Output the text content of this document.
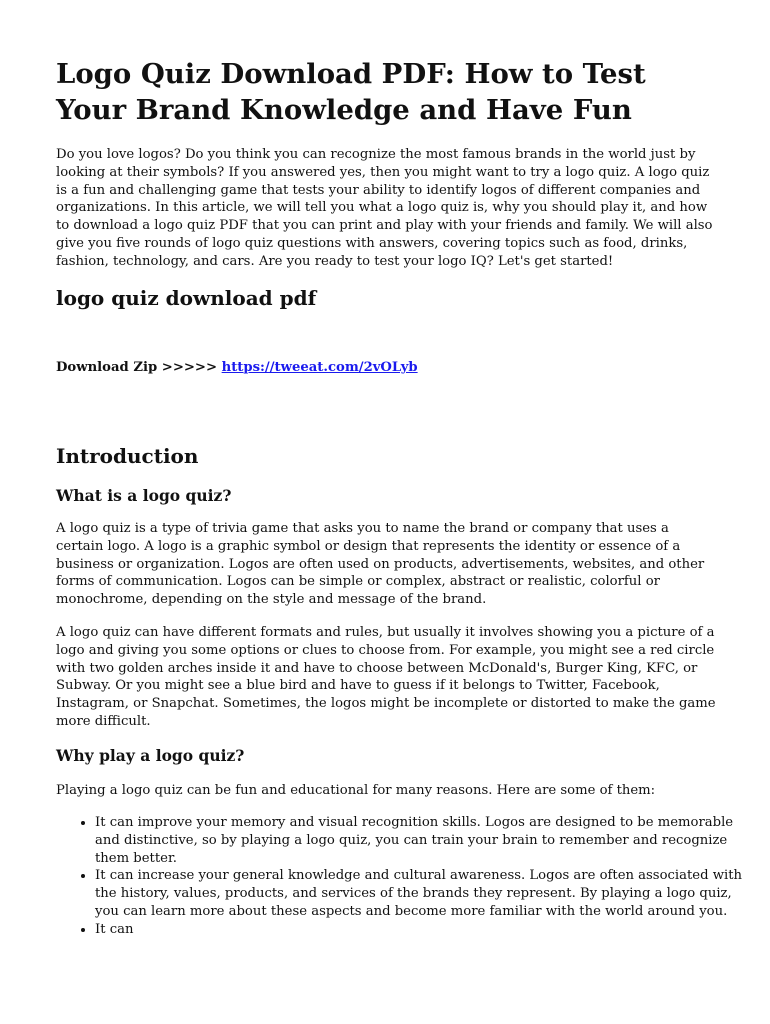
Logo Quiz Download PDF: How to Test Your Brand Knowledge and Have Fun

Do you love logos? Do you think you can recognize the most famous brands in the world just by looking at their symbols? If you answered yes, then you might want to try a logo quiz. A logo quiz is a fun and challenging game that tests your ability to identify logos of different companies and organizations. In this article, we will tell you what a logo quiz is, why you should play it, and how to download a logo quiz PDF that you can print and play with your friends and family. We will also give you five rounds of logo quiz questions with answers, covering topics such as food, drinks, fashion, technology, and cars. Are you ready to test your logo IQ? Let's get started!

logo quiz download pdf
Download Zip >>>>> https://tweeat.com/2vOLyb
Introduction
What is a logo quiz?

A logo quiz is a type of trivia game that asks you to name the brand or company that uses a certain logo. A logo is a graphic symbol or design that represents the identity or essence of a business or organization. Logos are often used on products, advertisements, websites, and other forms of communication. Logos can be simple or complex, abstract or realistic, colorful or monochrome, depending on the style and message of the brand.

A logo quiz can have different formats and rules, but usually it involves showing you a picture of a logo and giving you some options or clues to choose from. For example, you might see a red circle with two golden arches inside it and have to choose between McDonald's, Burger King, KFC, or Subway. Or you might see a blue bird and have to guess if it belongs to Twitter, Facebook, Instagram, or Snapchat. Sometimes, the logos might be incomplete or distorted to make the game more difficult.

Why play a logo quiz?

Playing a logo quiz can be fun and educational for many reasons. Here are some of them:

• It can improve your memory and visual recognition skills. Logos are designed to be memorable and distinctive, so by playing a logo quiz, you can train your brain to remember and recognize them better.
• It can increase your general knowledge and cultural awareness. Logos are often associated with the history, values, products, and services of the brands they represent. By playing a logo quiz, you can learn more about these aspects and become more familiar with the world around you.
• It can
